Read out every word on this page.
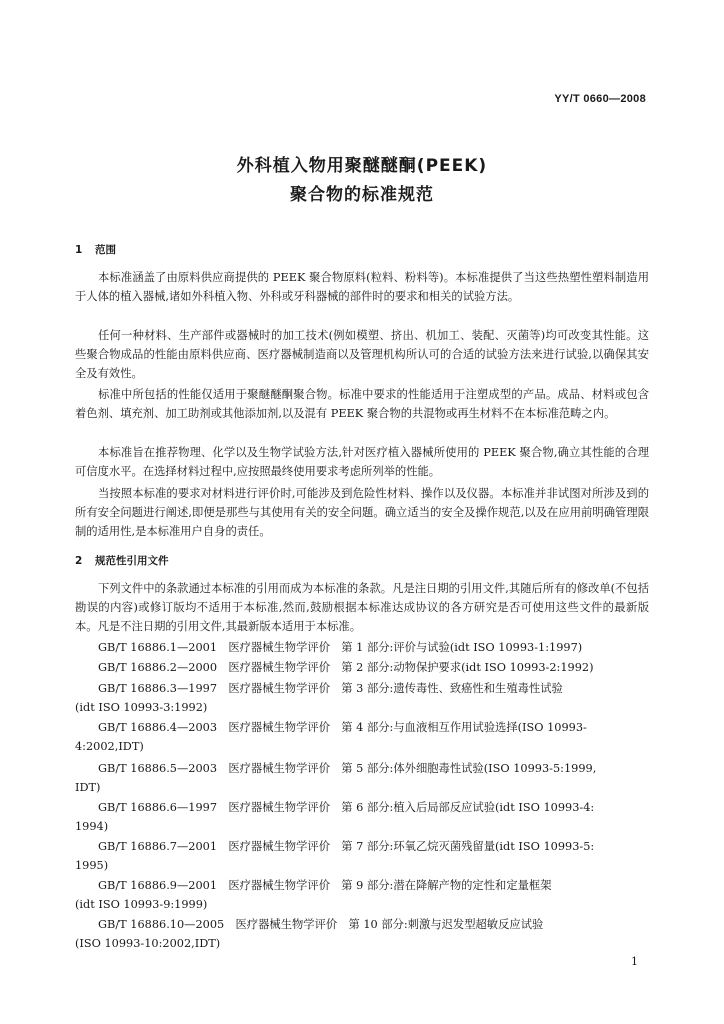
YY/T 0660—2008
外科植入物用聚醚醚酮(PEEK)
聚合物的标准规范
1 范围

本标准涵盖了由原料供应商提供的 PEEK 聚合物原料(粒料、粉料等)。本标准提供了当这些热塑性塑料制造用于人体的植入器械,诸如外科植入物、外科或牙科器械的部件时的要求和相关的试验方法。

任何一种材料、生产部件或器械时的加工技术(例如模塑、挤出、机加工、装配、灭菌等)均可改变其性能。这些聚合物成品的性能由原料供应商、医疗器械制造商以及管理机构所认可的合适的试验方法来进行试验,以确保其安全及有效性。

标准中所包括的性能仅适用于聚醚醚酮聚合物。标准中要求的性能适用于注塑成型的产品。成品、材料或包含着色剂、填充剂、加工助剂或其他添加剂,以及混有 PEEK 聚合物的共混物或再生材料不在本标准范畴之内。

本标准旨在推荐物理、化学以及生物学试验方法,针对医疗植入器械所使用的 PEEK 聚合物,确立其性能的合理可信度水平。在选择材料过程中,应按照最终使用要求考虑所列举的性能。

当按照本标准的要求对材料进行评价时,可能涉及到危险性材料、操作以及仪器。本标准并非试图对所涉及到的所有安全问题进行阐述,即便是那些与其使用有关的安全问题。确立适当的安全及操作规范,以及在应用前明确管理限制的适用性,是本标准用户自身的责任。

2 规范性引用文件

下列文件中的条款通过本标准的引用而成为本标准的条款。凡是注日期的引用文件,其随后所有的修改单(不包括勘误的内容)或修订版均不适用于本标准,然而,鼓励根据本标准达成协议的各方研究是否可使用这些文件的最新版本。凡是不注日期的引用文件,其最新版本适用于本标准。

GB/T 16886.1—2001　医疗器械生物学评价　第 1 部分:评价与试验(idt ISO 10993-1:1997)

GB/T 16886.2—2000　医疗器械生物学评价　第 2 部分:动物保护要求(idt ISO 10993-2:1992)

GB/T 16886.3—1997　医疗器械生物学评价　第 3 部分:遗传毒性、致癌性和生殖毒性试验
(idt ISO 10993-3:1992)

GB/T 16886.4—2003　医疗器械生物学评价　第 4 部分:与血液相互作用试验选择(ISO 10993-
4:2002,IDT)

GB/T 16886.5—2003　医疗器械生物学评价　第 5 部分:体外细胞毒性试验(ISO 10993-5:1999,
IDT)

GB/T 16886.6—1997　医疗器械生物学评价　第 6 部分:植入后局部反应试验(idt ISO 10993-4:
1994)

GB/T 16886.7—2001　医疗器械生物学评价　第 7 部分:环氧乙烷灭菌残留量(idt ISO 10993-5:
1995)

GB/T 16886.9—2001　医疗器械生物学评价　第 9 部分:潜在降解产物的定性和定量框架
(idt ISO 10993-9:1999)

GB/T 16886.10—2005　医疗器械生物学评价　第 10 部分:刺激与迟发型超敏反应试验
(ISO 10993-10:2002,IDT)

1
